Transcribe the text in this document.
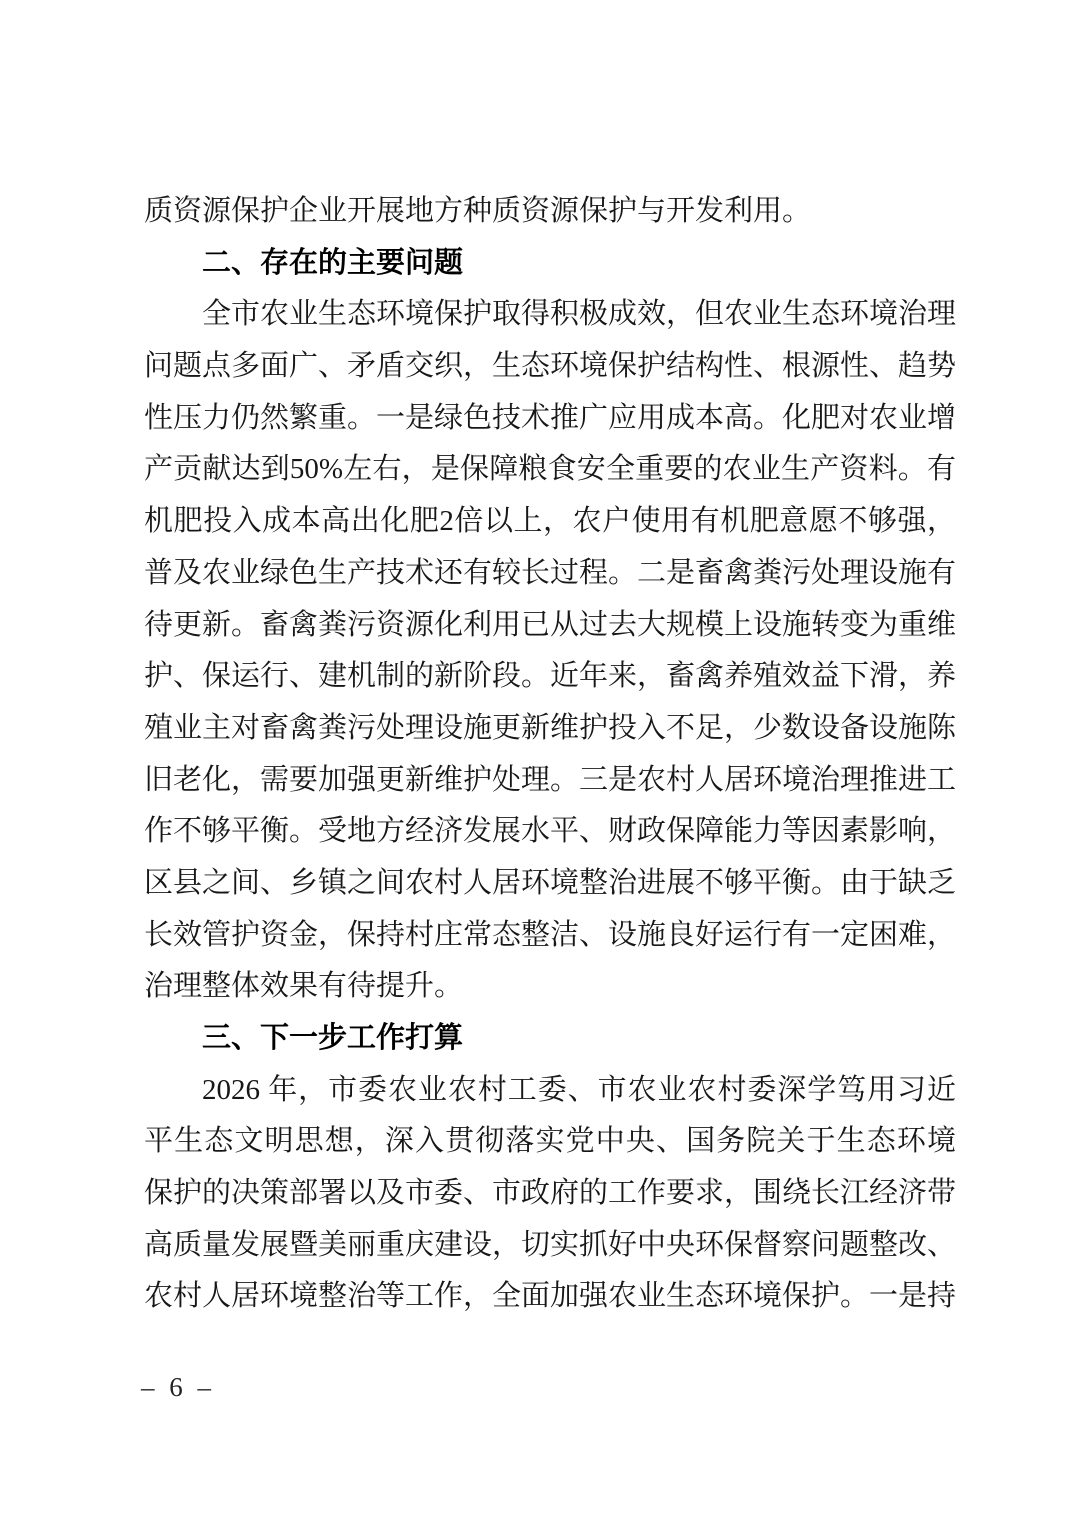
质资源保护企业开展地方种质资源保护与开发利用。
二、存在的主要问题
全市农业生态环境保护取得积极成效，但农业生态环境治理
问题点多面广、矛盾交织，生态环境保护结构性、根源性、趋势
性压力仍然繁重。一是绿色技术推广应用成本高。化肥对农业增
产贡献达到50%左右，是保障粮食安全重要的农业生产资料。有
机肥投入成本高出化肥2倍以上，农户使用有机肥意愿不够强，
普及农业绿色生产技术还有较长过程。二是畜禽粪污处理设施有
待更新。畜禽粪污资源化利用已从过去大规模上设施转变为重维
护、保运行、建机制的新阶段。近年来，畜禽养殖效益下滑，养
殖业主对畜禽粪污处理设施更新维护投入不足，少数设备设施陈
旧老化，需要加强更新维护处理。三是农村人居环境治理推进工
作不够平衡。受地方经济发展水平、财政保障能力等因素影响，
区县之间、乡镇之间农村人居环境整治进展不够平衡。由于缺乏
长效管护资金，保持村庄常态整洁、设施良好运行有一定困难，
治理整体效果有待提升。
三、下一步工作打算
2026 年，市委农业农村工委、市农业农村委深学笃用习近
平生态文明思想，深入贯彻落实党中央、国务院关于生态环境
保护的决策部署以及市委、市政府的工作要求，围绕长江经济带
高质量发展暨美丽重庆建设，切实抓好中央环保督察问题整改、
农村人居环境整治等工作，全面加强农业生态环境保护。一是持
– 6 –
